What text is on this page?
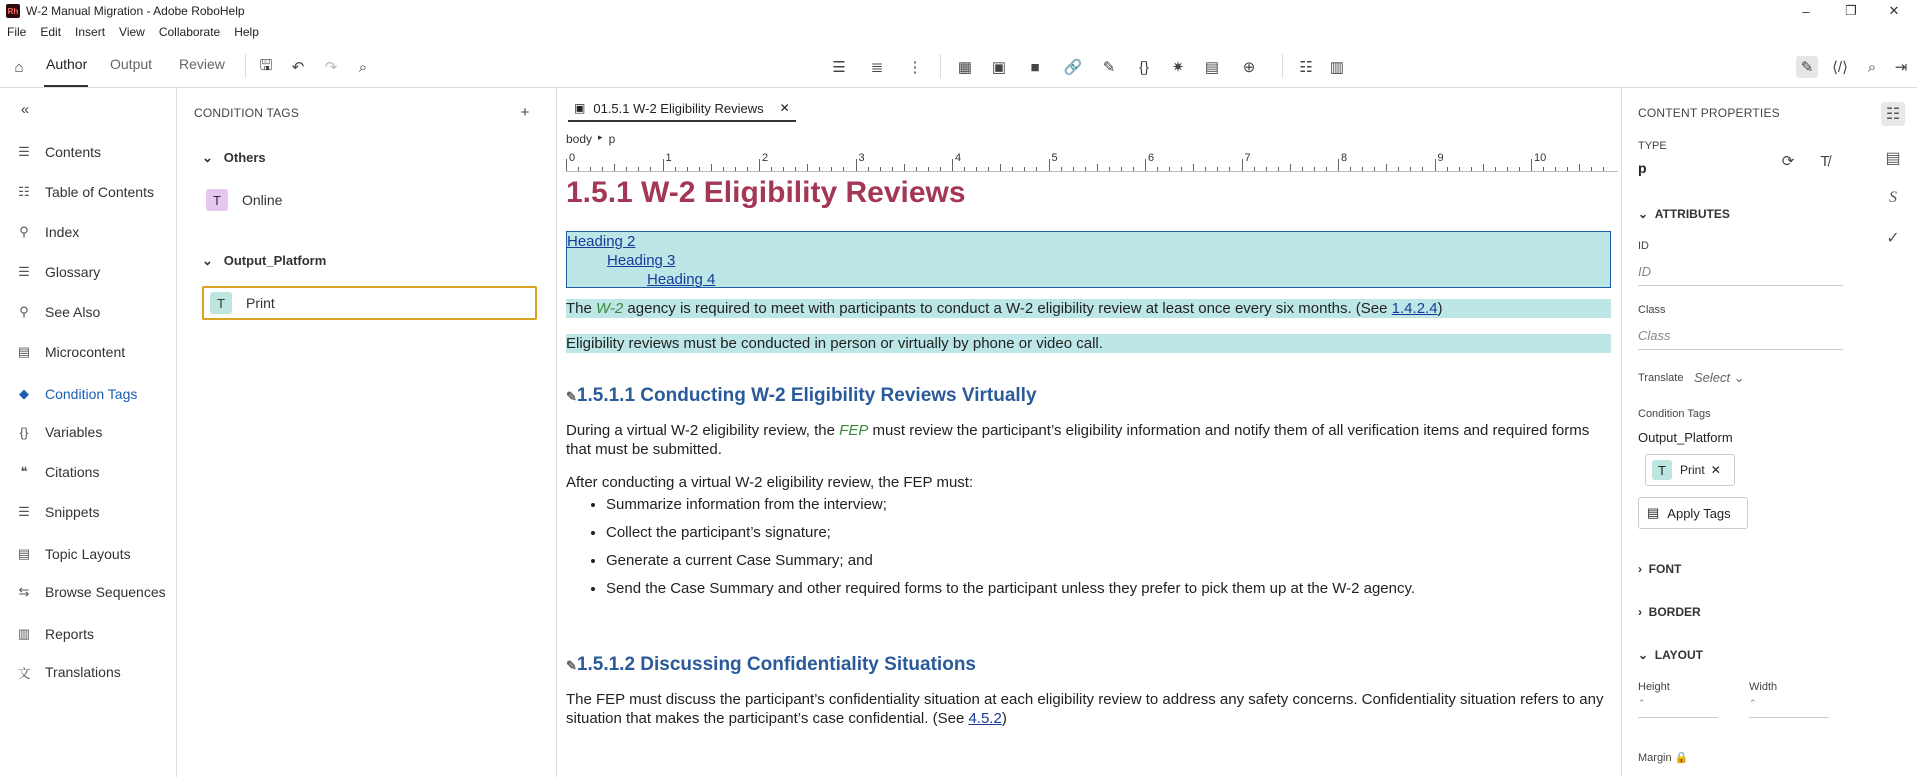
Rh W-2 Manual Migration - Adobe RoboHelp	–	❐	✕
File	Edit	Insert	View	Collaborate	Help
⌂	Author Output Review	🖫	↶	↷	⌕	☰	≣	⋮ ▦ ▣	■	🔗	✎	{}	✷	▤	⊕	☷ ▥	✎	⟨/⟩	⌕	⇥
«
☰ Contents
☷ Table of Contents
⚲	Index
☰ Glossary
⚲	See Also
▤ Microcontent
◆	Condition Tags
{}	Variables
❝	Citations
☰ Snippets
▤ Topic Layouts
⇆	Browse Sequences
▥ Reports
文 Translations
CONDITION TAGS	+
⌄ Others
T	Online
⌄ Output_Platform
T	Print
▣ 01.5.1 W-2 Eligibility Reviews ✕
body ▸ p
0	1	2	3	4	5	6	7	8	9	10
1.5.1 W-2 Eligibility Reviews
Heading 2
Heading 3
Heading 4
The W-2 agency is required to meet with participants to conduct a W-2 eligibility review at least once every six months. (See 1.4.2.4)
Eligibility reviews must be conducted in person or virtually by phone or video call.
✎1.5.1.1 Conducting W-2 Eligibility Reviews Virtually
During a virtual W-2 eligibility review, the FEP must review the participant’s eligibility information and notify them of all verification items and required forms that must be submitted.
After conducting a virtual W-2 eligibility review, the FEP must:
• Summarize information from the interview;
• Collect the participant’s signature;
• Generate a current Case Summary; and
• Send the Case Summary and other required forms to the participant unless they prefer to pick them up at the W-2 agency.
✎1.5.1.2 Discussing Confidentiality Situations
The FEP must discuss the participant’s confidentiality situation at each eligibility review to address any safety concerns. Confidentiality situation refers to any situation that makes the participant’s case confidential. (See 4.5.2)
CONTENT PROPERTIES
TYPE
p	⟳	T̸
⌄ ATTRIBUTES
ID
ID
Class
Class
Translate Select ⌄
Condition Tags
Output_Platform
T	Print ✕
▤ Apply Tags
› FONT
› BORDER
⌄ LAYOUT
Height	Width
⌃	⌃
Margin 🔒
☷
▤
S
✓
